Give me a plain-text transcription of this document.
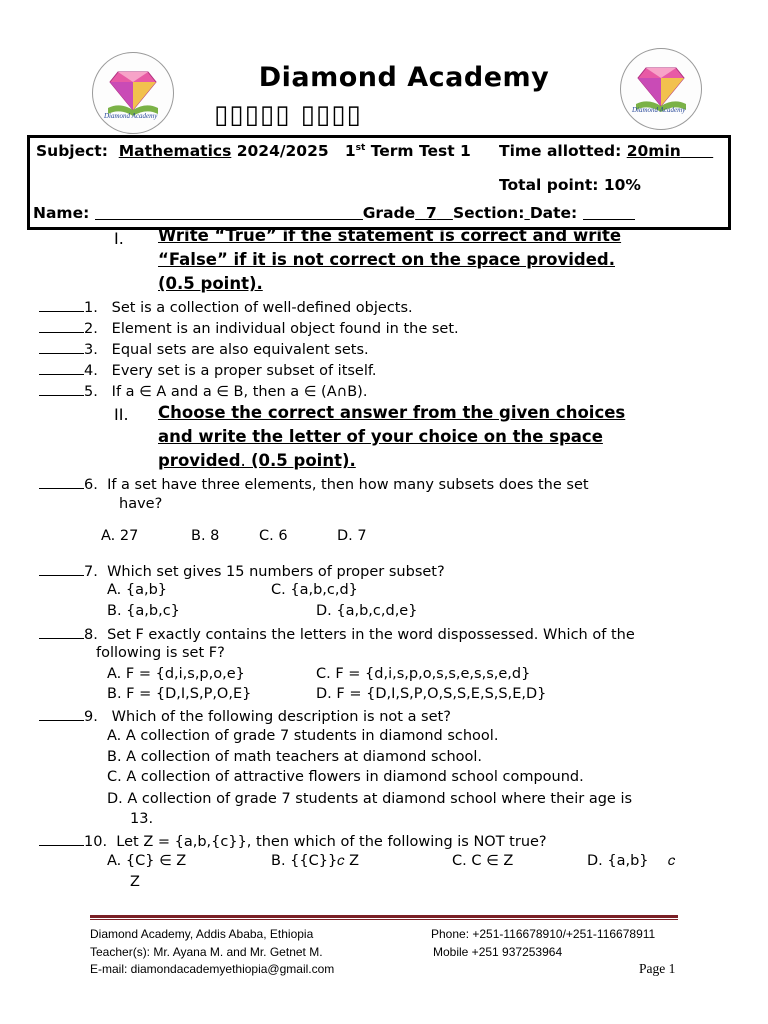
Diamond Academy
Diamond Academy
Diamond Academy
▯▯▯▯▯ ▯▯▯▯
Subject: Mathematics 2024/2025 1st Term Test 1 Time allotted: 20min
Total point: 10%
Name:	Grade 7 Section: Date:
I. Write “True” if the statement is correct and write
“False” if it is not correct on the space provided.
(0.5 point).
1. Set is a collection of well-defined objects.
2. Element is an individual object found in the set.
3. Equal sets are also equivalent sets.
4. Every set is a proper subset of itself.
5. If a ∈ A and a ∈ B, then a ∈ (A∩B).
II. Choose the correct answer from the given choices
and write the letter of your choice on the space
provided. (0.5 point).
6. If a set have three elements, then how many subsets does the set
have?
A. 27	B. 8	C. 6	D. 7
7. Which set gives 15 numbers of proper subset?
A. {a,b}	C. {a,b,c,d}
B. {a,b,c}	D. {a,b,c,d,e}
8. Set F exactly contains the letters in the word dispossessed. Which of the
following is set F?
A. F = {d,i,s,p,o,e}	C. F = {d,i,s,p,o,s,s,e,s,s,e,d}
B. F = {D,I,S,P,O,E}	D. F = {D,I,S,P,O,S,S,E,S,S,E,D}
9. Which of the following description is not a set?
A. A collection of grade 7 students in diamond school.
B. A collection of math teachers at diamond school.
C. A collection of attractive flowers in diamond school compound.
D. A collection of grade 7 students at diamond school where their age is
13.
10. Let Z = {a,b,{c}}, then which of the following is NOT true?
A. {C} ∈ Z	B. {{C}}𝑐 Z	C. C ∈ Z	D. {a,b} 𝑐
Z
Diamond Academy, Addis Ababa, Ethiopia
Teacher(s): Mr. Ayana M. and Mr. Getnet M.
E-mail: diamondacademyethiopia@gmail.com
Phone: +251-116678910/+251-116678911
Mobile +251 937253964
Page 1
